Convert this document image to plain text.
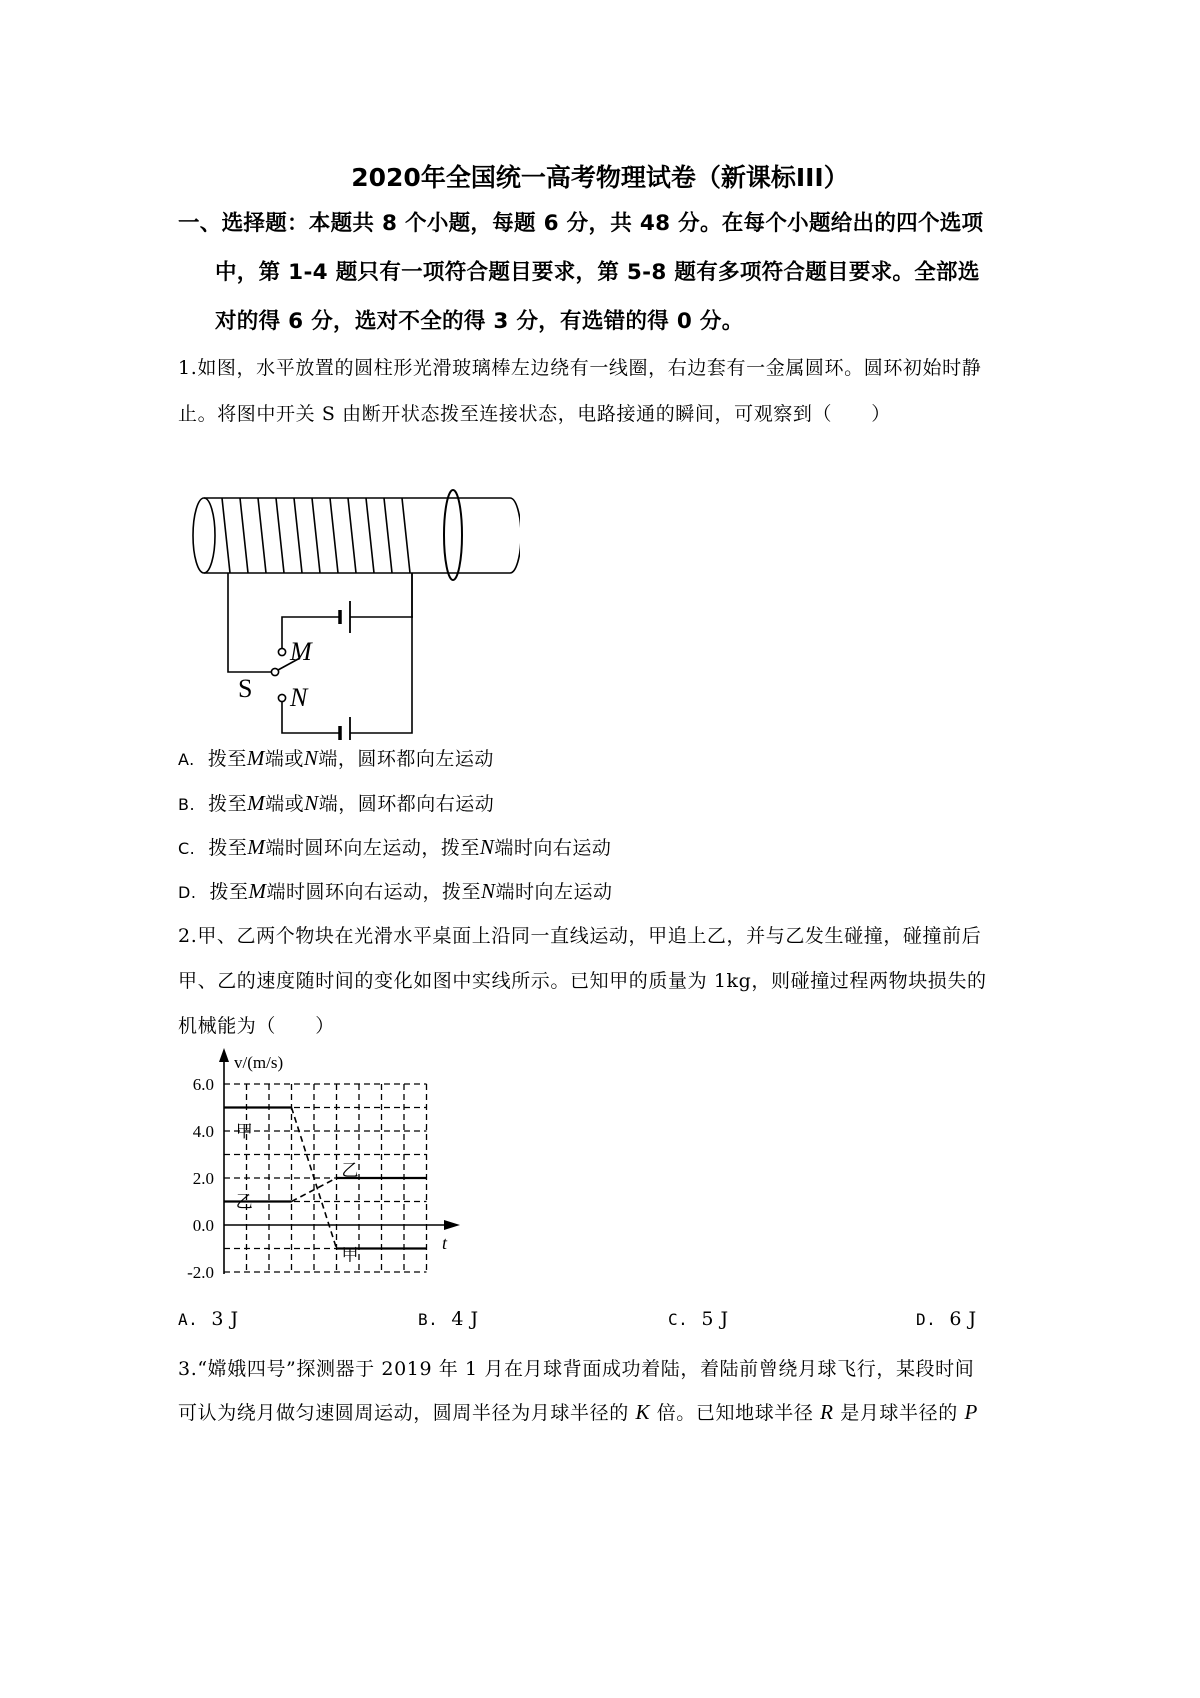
2020年全国统一高考物理试卷（新课标III）
一、选择题：本题共 8 个小题，每题 6 分，共 48 分。在每个小题给出的四个选项
中，第 1-4 题只有一项符合题目要求，第 5-8 题有多项符合题目要求。全部选
对的得 6 分，选对不全的得 3 分，有选错的得 0 分。
1.如图，水平放置的圆柱形光滑玻璃棒左边绕有一线圈，右边套有一金属圆环。圆环初始时静
止。将图中开关 S 由断开状态拨至连接状态，电路接通的瞬间，可观察到（　　）
M
N
S
A. 拨至M端或N端，圆环都向左运动
B. 拨至M端或N端，圆环都向右运动
C. 拨至M端时圆环向左运动，拨至N端时向右运动
D. 拨至M端时圆环向右运动，拨至N端时向左运动
2.甲、乙两个物块在光滑水平桌面上沿同一直线运动，甲追上乙，并与乙发生碰撞，碰撞前后
甲、乙的速度随时间的变化如图中实线所示。已知甲的质量为 1kg，则碰撞过程两物块损失的
机械能为（　　）
v/(m/s)
t
6.0
4.0
2.0
0.0
-2.0
甲
乙
乙
甲
A. 3 J	B. 4 J	C. 5 J	D. 6 J
3.“嫦娥四号”探测器于 2019 年 1 月在月球背面成功着陆，着陆前曾绕月球飞行，某段时间
可认为绕月做匀速圆周运动，圆周半径为月球半径的 K 倍。已知地球半径 R 是月球半径的 P
